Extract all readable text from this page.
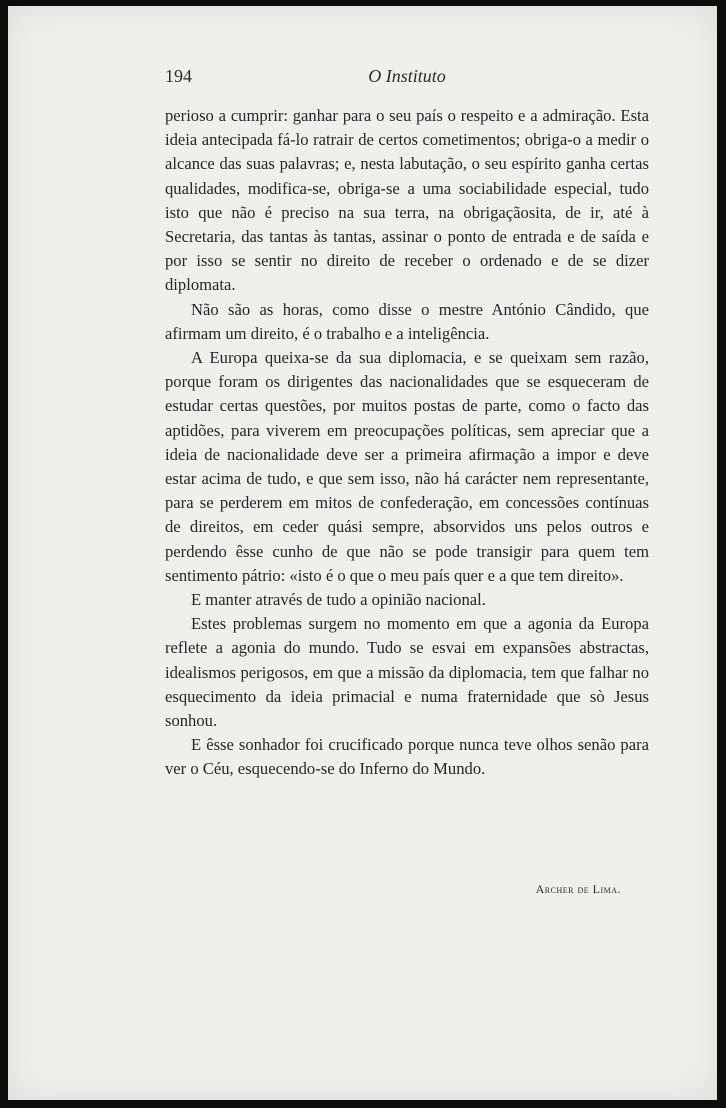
194	O Instituto

perioso a cumprir: ganhar para o seu país o respeito e a admiração. Esta ideia antecipada fá-lo ratrair de certos cometimentos; obriga-o a medir o alcance das suas palavras; e, nesta labutação, o seu espírito ganha certas qualidades, modifica-se, obriga-se a uma sociabilidade especial, tudo isto que não é preciso na sua terra, na obrigaçãosita, de ir, até à Secretaria, das tantas às tantas, assinar o ponto de entrada e de saída e por isso se sentir no direito de receber o ordenado e de se dizer diplomata.

Não são as horas, como disse o mestre António Cândido, que afirmam um direito, é o trabalho e a inteligência.

A Europa queixa-se da sua diplomacia, e se queixam sem razão, porque foram os dirigentes das nacionalidades que se esqueceram de estudar certas questões, por muitos postas de parte, como o facto das aptidões, para viverem em preocupações políticas, sem apreciar que a ideia de nacionalidade deve ser a primeira afirmação a impor e deve estar acima de tudo, e que sem isso, não há carácter nem representante, para se perderem em mitos de confederação, em concessões contínuas de direitos, em ceder quási sempre, absorvidos uns pelos outros e perdendo êsse cunho de que não se pode transigir para quem tem sentimento pátrio: «isto é o que o meu país quer e a que tem direito».

E manter através de tudo a opinião nacional.

Estes problemas surgem no momento em que a agonia da Europa reflete a agonia do mundo. Tudo se esvai em expansões abstractas, idealismos perigosos, em que a missão da diplomacia, tem que falhar no esquecimento da ideia primacial e numa fraternidade que sò Jesus sonhou.

E êsse sonhador foi crucificado porque nunca teve olhos senão para ver o Céu, esquecendo-se do Inferno do Mundo.

Archer de Lima.
